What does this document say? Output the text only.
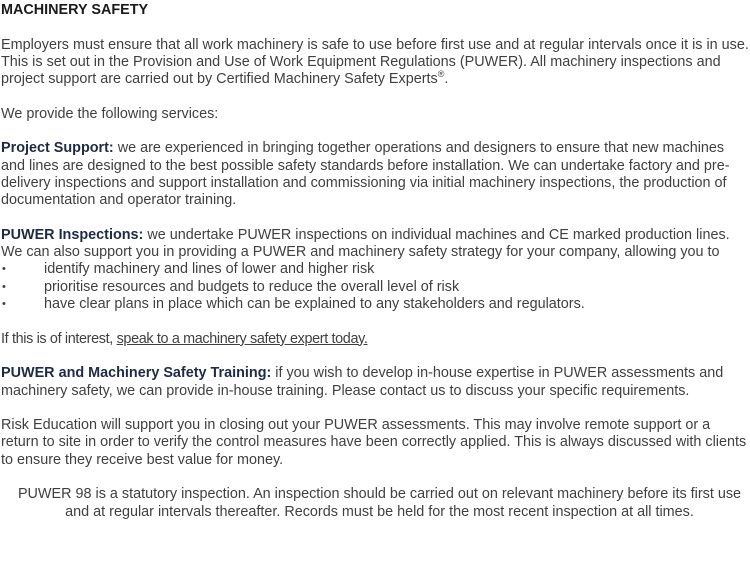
MACHINERY SAFETY

Employers must ensure that all work machinery is safe to use before first use and at regular intervals once it is in use. This is set out in the Provision and Use of Work Equipment Regulations (PUWER). All machinery inspections and project support are carried out by Certified Machinery Safety Experts®.

We provide the following services:

Project Support: we are experienced in bringing together operations and designers to ensure that new machines and lines are designed to the best possible safety standards before installation. We can undertake factory and pre-delivery inspections and support installation and commissioning via initial machinery inspections, the production of documentation and operator training.

PUWER Inspections: we undertake PUWER inspections on individual machines and CE marked production lines. We can also support you in providing a PUWER and machinery safety strategy for your company, allowing you to

•	identify machinery and lines of lower and higher risk
•	prioritise resources and budgets to reduce the overall level of risk
•	have clear plans in place which can be explained to any stakeholders and regulators.

If this is of interest, speak to a machinery safety expert today.

PUWER and Machinery Safety Training: if you wish to develop in-house expertise in PUWER assessments and machinery safety, we can provide in-house training. Please contact us to discuss your specific requirements.

Risk Education will support you in closing out your PUWER assessments. This may involve remote support or a return to site in order to verify the control measures have been correctly applied. This is always discussed with clients to ensure they receive best value for money.

PUWER 98 is a statutory inspection. An inspection should be carried out on relevant machinery before its first use and at regular intervals thereafter. Records must be held for the most recent inspection at all times.
